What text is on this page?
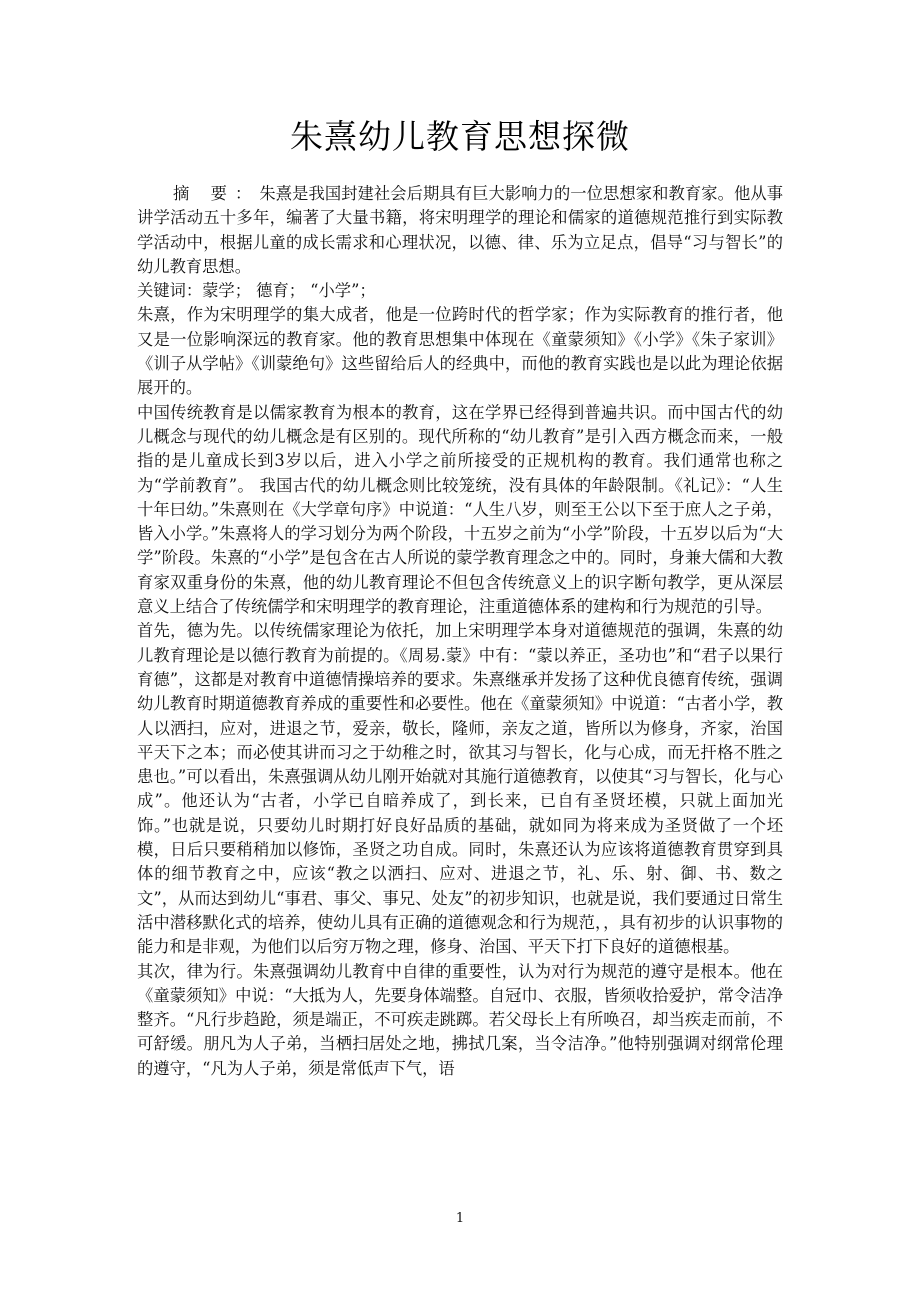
朱熹幼儿教育思想探微

摘 要：朱熹是我国封建社会后期具有巨大影响力的一位思想家和教育家。他从事讲学活动五十多年，编著了大量书籍，将宋明理学的理论和儒家的道德规范推行到实际教学活动中，根据儿童的成长需求和心理状况，以德、律、乐为立足点，倡导“习与智长”的幼儿教育思想。

关键词：蒙学； 德育； “小学”；

朱熹，作为宋明理学的集大成者，他是一位跨时代的哲学家；作为实际教育的推行者，他又是一位影响深远的教育家。他的教育思想集中体现在《童蒙须知》《小学》《朱子家训》《训子从学帖》《训蒙绝句》这些留给后人的经典中，而他的教育实践也是以此为理论依据展开的。

中国传统教育是以儒家教育为根本的教育，这在学界已经得到普遍共识。而中国古代的幼儿概念与现代的幼儿概念是有区别的。现代所称的“幼儿教育”是引入西方概念而来，一般指的是儿童成长到3岁以后，进入小学之前所接受的正规机构的教育。我们通常也称之为“学前教育”。 我国古代的幼儿概念则比较笼统，没有具体的年龄限制。《礼记》：“人生十年曰幼。”朱熹则在《大学章句序》中说道：“人生八岁，则至王公以下至于庶人之子弟，皆入小学。”朱熹将人的学习划分为两个阶段，十五岁之前为“小学”阶段，十五岁以后为“大学”阶段。朱熹的“小学”是包含在古人所说的蒙学教育理念之中的。同时，身兼大儒和大教育家双重身份的朱熹，他的幼儿教育理论不但包含传统意义上的识字断句教学，更从深层意义上结合了传统儒学和宋明理学的教育理论，注重道德体系的建构和行为规范的引导。

首先，德为先。以传统儒家理论为依托，加上宋明理学本身对道德规范的强调，朱熹的幼儿教育理论是以德行教育为前提的。《周易.蒙》中有：“蒙以养正，圣功也”和“君子以果行育德”，这都是对教育中道德情操培养的要求。朱熹继承并发扬了这种优良德育传统，强调幼儿教育时期道德教育养成的重要性和必要性。他在《童蒙须知》中说道：“古者小学，教人以洒扫，应对，进退之节，爱亲，敬长，隆师，亲友之道，皆所以为修身，齐家，治国平天下之本；而必使其讲而习之于幼稚之时，欲其习与智长，化与心成，而无扞格不胜之患也。”可以看出，朱熹强调从幼儿刚开始就对其施行道德教育，以使其“习与智长，化与心成”。他还认为“古者，小学已自暗养成了，到长来，已自有圣贤坯模，只就上面加光饰。”也就是说，只要幼儿时期打好良好品质的基础，就如同为将来成为圣贤做了一个坯模，日后只要稍稍加以修饰，圣贤之功自成。同时，朱熹还认为应该将道德教育贯穿到具体的细节教育之中，应该“教之以洒扫、应对、进退之节，礼、乐、射、御、书、数之文”，从而达到幼儿“事君、事父、事兄、处友”的初步知识，也就是说，我们要通过日常生活中潜移默化式的培养，使幼儿具有正确的道德观念和行为规范，，具有初步的认识事物的能力和是非观，为他们以后穷万物之理，修身、治国、平天下打下良好的道德根基。

其次，律为行。朱熹强调幼儿教育中自律的重要性，认为对行为规范的遵守是根本。他在《童蒙须知》中说：“大抵为人，先要身体端整。自冠巾、衣服，皆须收拾爱护，常令洁净整齐。“凡行步趋跄，须是端正，不可疾走跳踯。若父母长上有所唤召，却当疾走而前，不可舒缓。朋凡为人子弟，当栖扫居处之地，拂拭几案，当令洁净。”他特别强调对纲常伦理的遵守，“凡为人子弟，须是常低声下气，语

1
